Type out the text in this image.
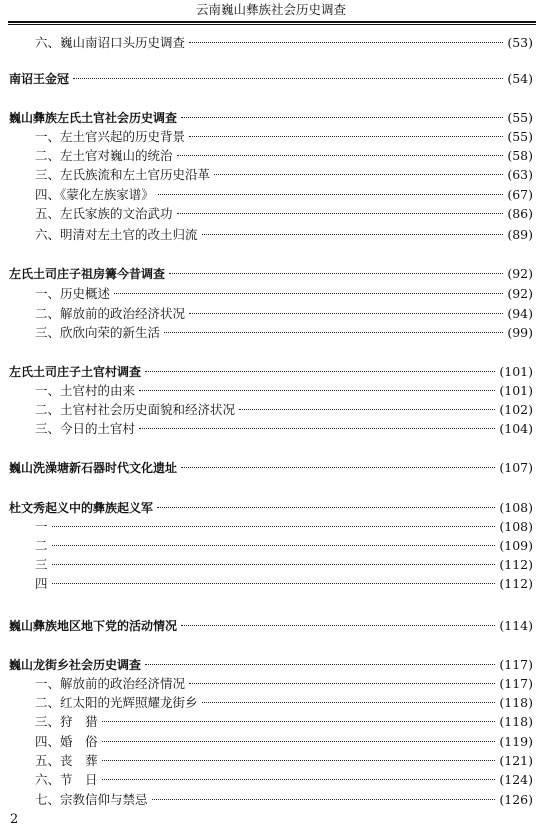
云南巍山彝族社会历史调查
六、巍山南诏口头历史调查	(53)
南诏王金冠	(54)
巍山彝族左氏土官社会历史调查	(55)
一、左土官兴起的历史背景	(55)
二、左土官对巍山的统治	(58)
三、左氏族流和左土官历史沿革	(63)
四、《蒙化左族家谱》	(67)
五、左氏家族的文治武功	(86)
六、明清对左土官的改土归流	(89)
左氏土司庄子祖房篝今昔调查	(92)
一、历史概述	(92)
二、解放前的政治经济状况	(94)
三、欣欣向荣的新生活	(99)
左氏土司庄子土官村调查	(101)
一、土官村的由来	(101)
二、土官村社会历史面貌和经济状况	(102)
三、今日的土官村	(104)
巍山洗澡塘新石器时代文化遗址	(107)
杜文秀起义中的彝族起义军	(108)
一	(108)
二	(109)
三	(112)
四	(112)
巍山彝族地区地下党的活动情况	(114)
巍山龙街乡社会历史调查	(117)
一、解放前的政治经济情况	(117)
二、红太阳的光辉照耀龙街乡	(118)
三、狩　猎	(118)
四、婚　俗	(119)
五、丧　葬	(121)
六、节　日	(124)
七、宗教信仰与禁忌	(126)
2
